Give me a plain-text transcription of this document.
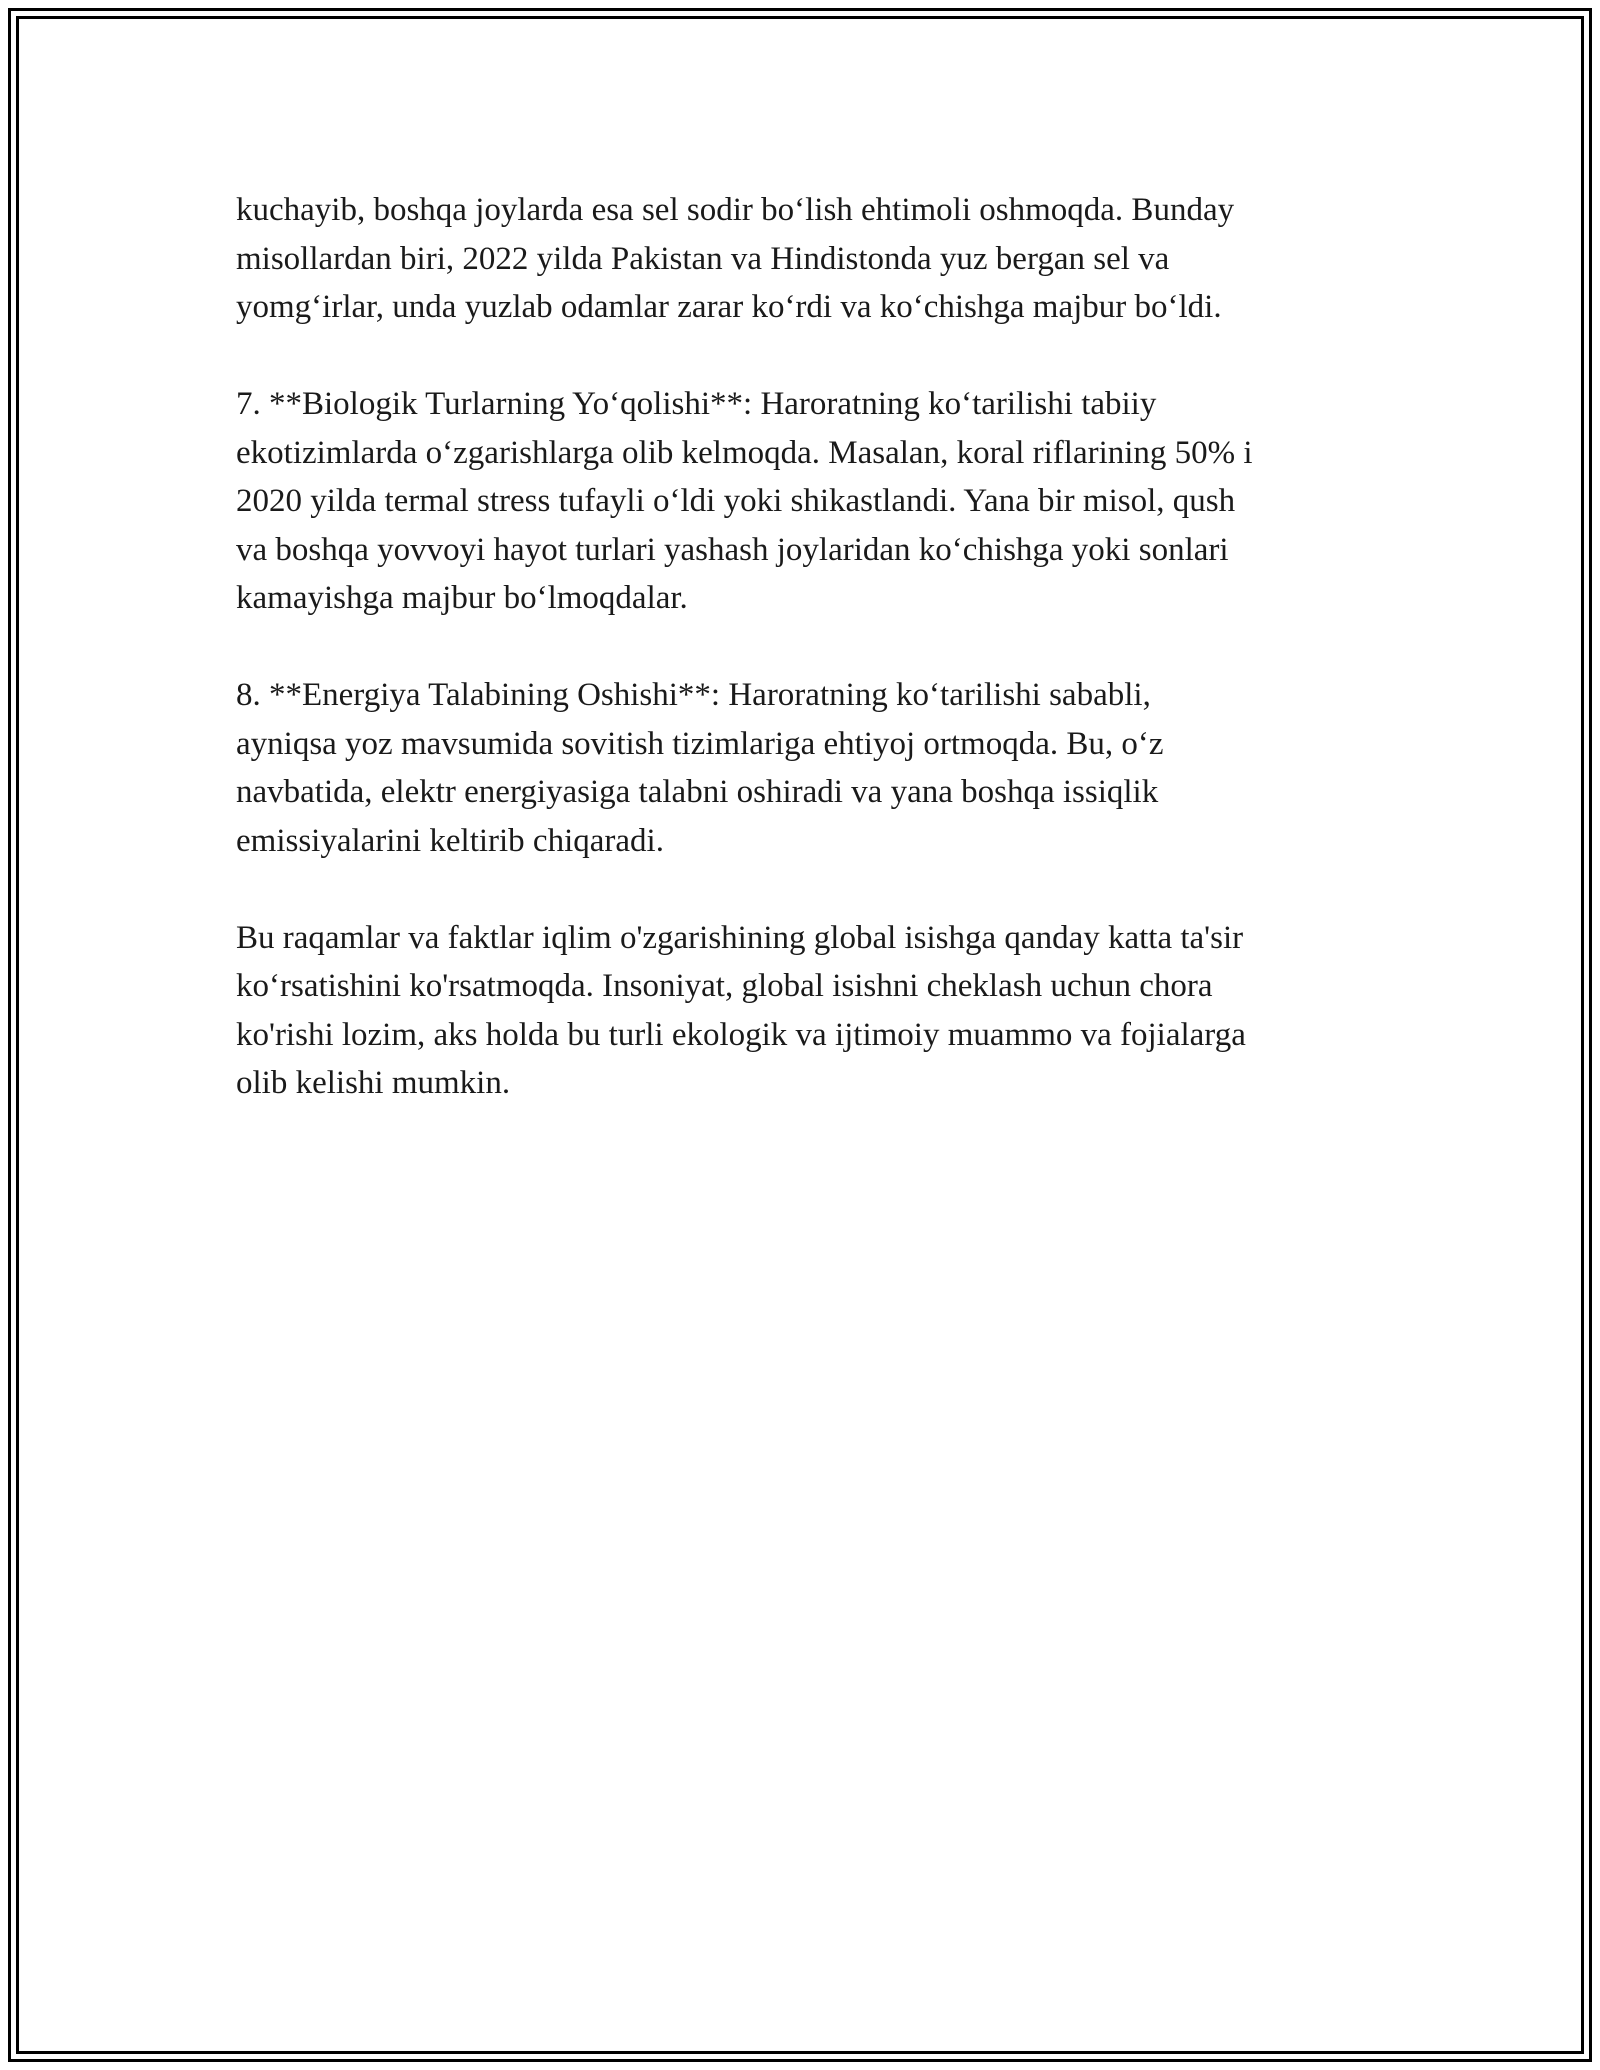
kuchayib, boshqa joylarda esa sel sodir bo‘lish ehtimoli oshmoqda. Bunday
misollardan biri, 2022 yilda Pakistan va Hindistonda yuz bergan sel va
yomg‘irlar, unda yuzlab odamlar zarar ko‘rdi va ko‘chishga majbur bo‘ldi.

7. **Biologik Turlarning Yo‘qolishi**: Haroratning ko‘tarilishi tabiiy
ekotizimlarda o‘zgarishlarga olib kelmoqda. Masalan, koral riflarining 50% i
2020 yilda termal stress tufayli o‘ldi yoki shikastlandi. Yana bir misol, qush
va boshqa yovvoyi hayot turlari yashash joylaridan ko‘chishga yoki sonlari
kamayishga majbur bo‘lmoqdalar.

8. **Energiya Talabining Oshishi**: Haroratning ko‘tarilishi sababli,
ayniqsa yoz mavsumida sovitish tizimlariga ehtiyoj ortmoqda. Bu, o‘z
navbatida, elektr energiyasiga talabni oshiradi va yana boshqa issiqlik
emissiyalarini keltirib chiqaradi.

Bu raqamlar va faktlar iqlim o'zgarishining global isishga qanday katta ta'sir
ko‘rsatishini ko'rsatmoqda. Insoniyat, global isishni cheklash uchun chora
ko'rishi lozim, aks holda bu turli ekologik va ijtimoiy muammo va fojialarga
olib kelishi mumkin.
